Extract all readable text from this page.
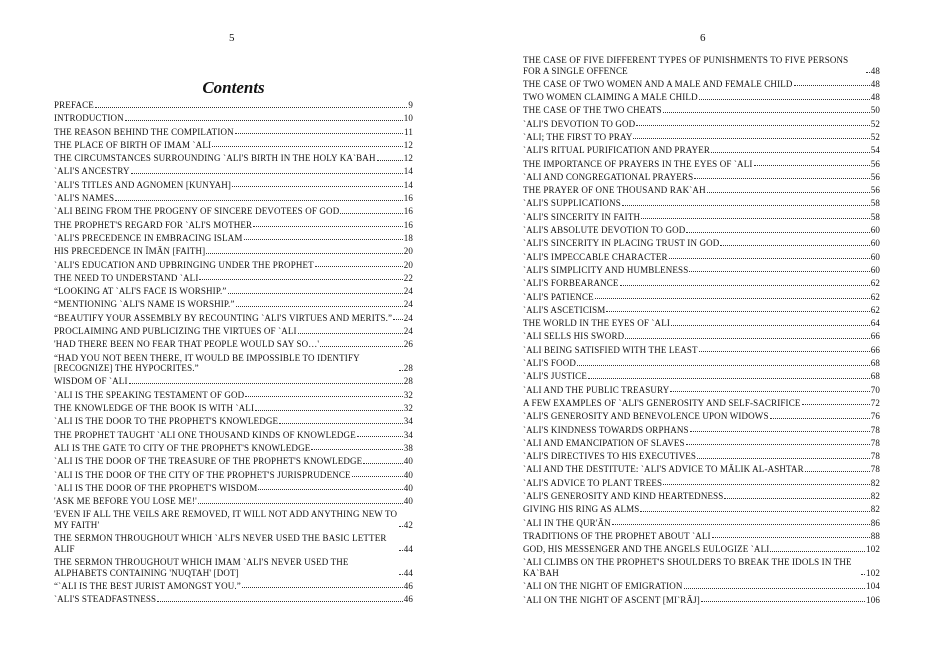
5
Contents
PREFACE	9
INTRODUCTION	10
THE REASON BEHIND THE COMPILATION	11
THE PLACE OF BIRTH OF IMAM `ALI	12
THE CIRCUMSTANCES SURROUNDING `ALI'S BIRTH IN THE HOLY KA`BAH	12
`ALI'S ANCESTRY	14
`ALI'S TITLES AND AGNOMEN [KUNYAH]	14
`ALI'S NAMES	16
`ALI BEING FROM THE PROGENY OF SINCERE DEVOTEES OF GOD	16
THE PROPHET'S REGARD FOR `ALI'S MOTHER	16
`ALI'S PRECEDENCE IN EMBRACING ISLAM	18
HIS PRECEDENCE IN ĪMĀN [FAITH]	20
`ALI'S EDUCATION AND UPBRINGING UNDER THE PROPHET	20
THE NEED TO UNDERSTAND `ALI	22
“LOOKING AT `ALI'S FACE IS WORSHIP.”	24
“MENTIONING `ALI'S NAME IS WORSHIP.”	24
“BEAUTIFY YOUR ASSEMBLY BY RECOUNTING `ALI'S VIRTUES AND MERITS.” 24
PROCLAIMING AND PUBLICIZING THE VIRTUES OF `ALI	24
'HAD THERE BEEN NO FEAR THAT PEOPLE WOULD SAY SO…'	26
“HAD YOU NOT BEEN THERE, IT WOULD BE IMPOSSIBLE TO IDENTIFY [RECOGNIZE] THE HYPOCRITES.”	28
WISDOM OF `ALI	28
`ALI IS THE SPEAKING TESTAMENT OF GOD	32
THE KNOWLEDGE OF THE BOOK IS WITH `ALI	32
`ALI IS THE DOOR TO THE PROPHET'S KNOWLEDGE	34
THE PROPHET TAUGHT `ALI ONE THOUSAND KINDS OF KNOWLEDGE	34
ALI IS THE GATE TO CITY OF THE PROPHET'S KNOWLEDGE	38
`ALI IS THE DOOR OF THE TREASURE OF THE PROPHET'S KNOWLEDGE	40
`ALI IS THE DOOR OF THE CITY OF THE PROPHET'S JURISPRUDENCE	40
`ALI IS THE DOOR OF THE PROPHET'S WISDOM	40
'ASK ME BEFORE YOU LOSE ME!'	40
'EVEN IF ALL THE VEILS ARE REMOVED, IT WILL NOT ADD ANYTHING NEW TO MY FAITH'	42
THE SERMON THROUGHOUT WHICH `ALI'S NEVER USED THE BASIC LETTER ALIF	44
THE SERMON THROUGHOUT WHICH IMAM `ALI'S NEVER USED THE ALPHABETS CONTAINING 'NUQTAH' [DOT]	44
“`ALI IS THE BEST JURIST AMONGST YOU.”	46
`ALI'S STEADFASTNESS	46
6
THE CASE OF FIVE DIFFERENT TYPES OF PUNISHMENTS TO FIVE PERSONS FOR A SINGLE OFFENCE	48
THE CASE OF TWO WOMEN AND A MALE AND FEMALE CHILD	48
TWO WOMEN CLAIMING A MALE CHILD	48
THE CASE OF THE TWO CHEATS	50
`ALI'S DEVOTION TO GOD	52
`ALI; THE FIRST TO PRAY	52
`ALI'S RITUAL PURIFICATION AND PRAYER	54
THE IMPORTANCE OF PRAYERS IN THE EYES OF `ALI	56
`ALI AND CONGREGATIONAL PRAYERS	56
THE PRAYER OF ONE THOUSAND RAK`AH	56
`ALI'S SUPPLICATIONS	58
`ALI'S SINCERITY IN FAITH	58
`ALI'S ABSOLUTE DEVOTION TO GOD	60
`ALI'S SINCERITY IN PLACING TRUST IN GOD	60
`ALI'S IMPECCABLE CHARACTER	60
`ALI'S SIMPLICITY AND HUMBLENESS	60
`ALI'S FORBEARANCE	62
`ALI'S PATIENCE	62
`ALI'S ASCETICISM	62
THE WORLD IN THE EYES OF `ALI	64
`ALI SELLS HIS SWORD	66
`ALI BEING SATISFIED WITH THE LEAST	66
`ALI'S FOOD	68
`ALI'S JUSTICE	68
`ALI AND THE PUBLIC TREASURY	70
A FEW EXAMPLES OF `ALI'S GENEROSITY AND SELF-SACRIFICE	72
`ALI'S GENEROSITY AND BENEVOLENCE UPON WIDOWS	76
`ALI'S KINDNESS TOWARDS ORPHANS	78
`ALI AND EMANCIPATION OF SLAVES	78
`ALI'S DIRECTIVES TO HIS EXECUTIVES	78
`ALI AND THE DESTITUTE: `ALI'S ADVICE TO MĀLIK AL-ASHTAR	78
`ALI'S ADVICE TO PLANT TREES	82
`ALI'S GENEROSITY AND KIND HEARTEDNESS	82
GIVING HIS RING AS ALMS	82
`ALI IN THE QUR'ĀN	86
TRADITIONS OF THE PROPHET ABOUT `ALI	88
GOD, HIS MESSENGER AND THE ANGELS EULOGIZE `ALI	102
`ALI CLIMBS ON THE PROPHET'S SHOULDERS TO BREAK THE IDOLS IN THE KA`BAH	102
`ALI ON THE NIGHT OF EMIGRATION	104
`ALI ON THE NIGHT OF ASCENT [MI`RĀJ]	106
